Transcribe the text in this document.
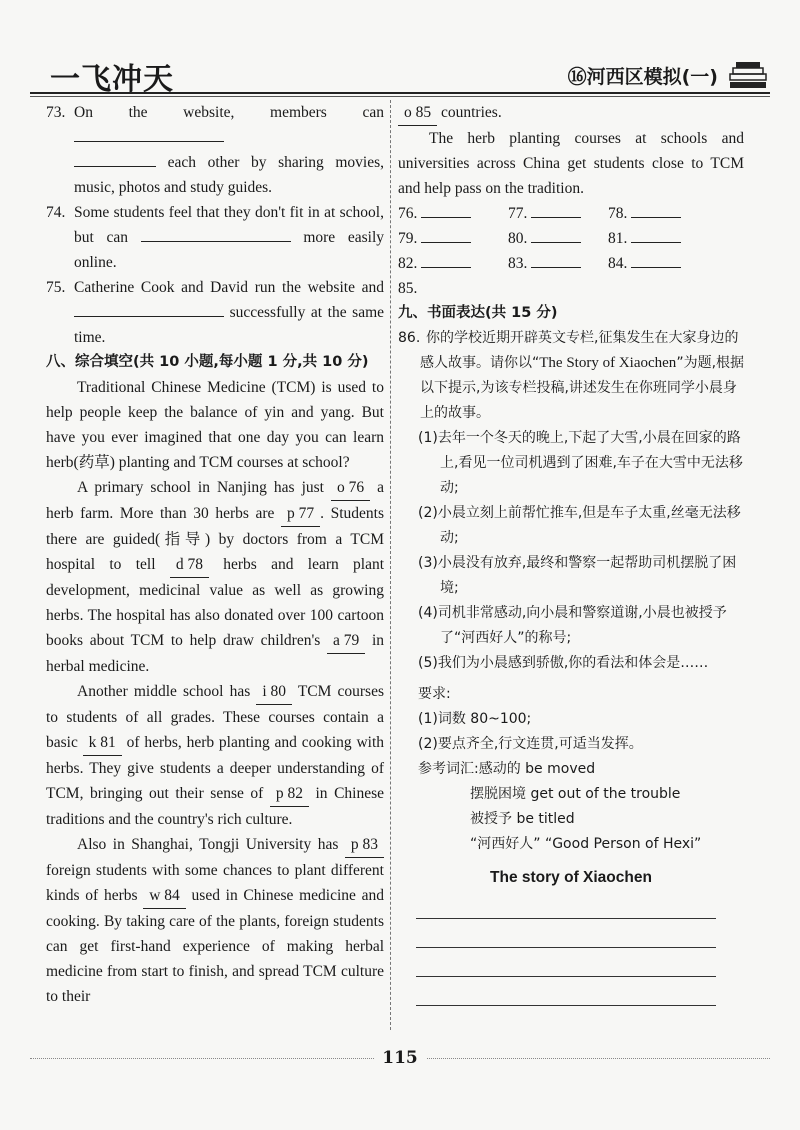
一飞冲天	⑯河西区模拟(一)

73. On the website, members can
each other by sharing movies, music, photos and study guides.

74. Some students feel that they don't fit in at school, but can	more easily online.

75. Catherine Cook and David run the website and  successfully at the same time.

八、综合填空(共 10 小题,每小题 1 分,共 10 分)

Traditional Chinese Medicine (TCM) is used to help people keep the balance of yin and yang. But have you ever imagined that one day you can learn herb(药草) planting and TCM courses at school?

A primary school in Nanjing has just o 76 a herb farm. More than 30 herbs are p 77 . Students there are guided(指导) by doctors from a TCM hospital to tell d 78 herbs and learn plant development, medicinal value as well as growing herbs. The hospital has also donated over 100 cartoon books about TCM to help draw children's a 79 in herbal medicine.

Another middle school has i 80 TCM courses to students of all grades. These courses contain a basic k 81 of herbs, herb planting and cooking with herbs. They give students a deeper understanding of TCM, bringing out their sense of p 82 in Chinese traditions and the country's rich culture.

Also in Shanghai, Tongji University has p 83 foreign students with some chances to plant different kinds of herbs w 84 used in Chinese medicine and cooking. By taking care of the plants, foreign students can get first-hand experience of making herbal medicine from start to finish, and spread TCM culture to their

o 85 countries.

The herb planting courses at schools and universities across China get students close to TCM and help pass on the tradition.

76.	77.	78.
79.	80.	81.
82.	83.	84.
85.

九、书面表达(共 15 分)

86. 你的学校近期开辟英文专栏,征集发生在大家身边的感人故事。请你以“The Story of Xiaochen”为题,根据以下提示,为该专栏投稿,讲述发生在你班同学小晨身上的故事。

(1)去年一个冬天的晚上,下起了大雪,小晨在回家的路上,看见一位司机遇到了困难,车子在大雪中无法移动;

(2)小晨立刻上前帮忙推车,但是车子太重,丝毫无法移动;

(3)小晨没有放弃,最终和警察一起帮助司机摆脱了困境;

(4)司机非常感动,向小晨和警察道谢,小晨也被授予了“河西好人”的称号;

(5)我们为小晨感到骄傲,你的看法和体会是……

要求:

(1)词数 80~100;

(2)要点齐全,行文连贯,可适当发挥。

参考词汇:感动的 be moved

摆脱困境 get out of the trouble

被授予 be titled

“河西好人” “Good Person of Hexi”

The story of Xiaochen
115
